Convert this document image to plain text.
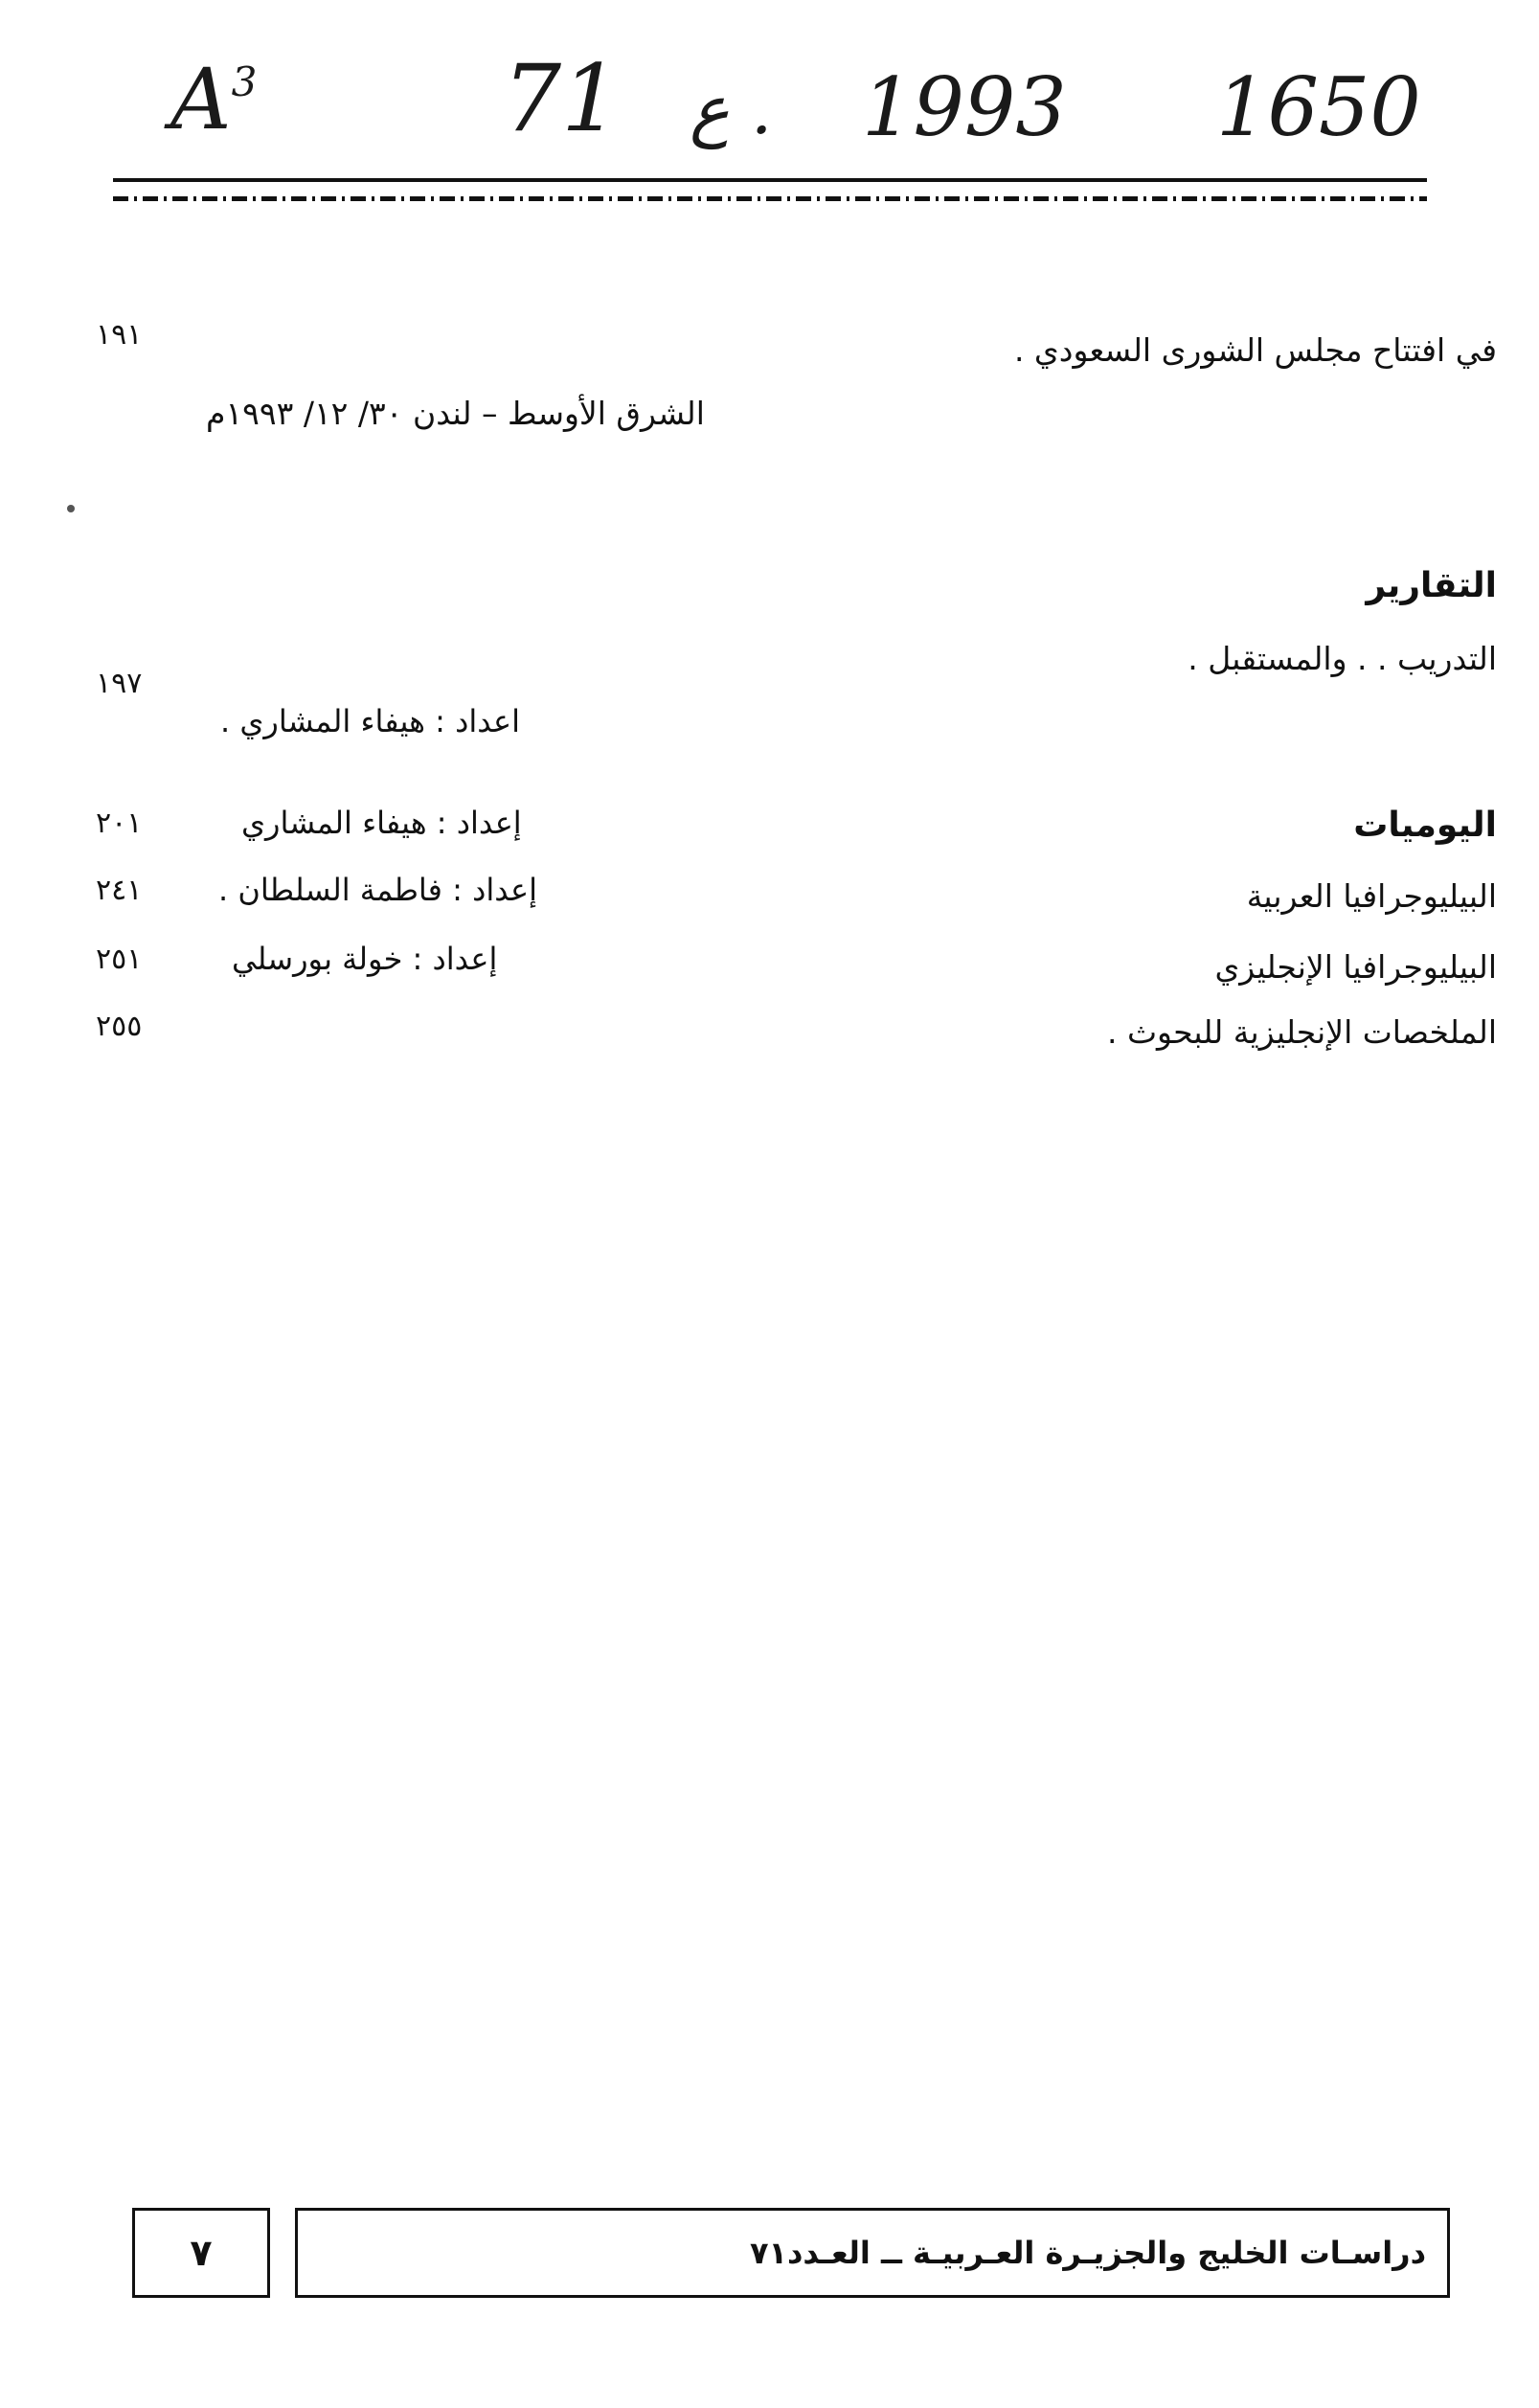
$A^3$	71 . ع 1993 1650
في افتتاح مجلس الشورى السعودي .
١٩١
الشرق الأوسط – لندن ٣٠/ ١٢/ ١٩٩٣م
التقارير
التدريب . . والمستقبل .
١٩٧
اعداد : هيفاء المشاري .
اليوميات
إعداد : هيفاء المشاري
٢٠١
البيليوجرافيا العربية
إعداد : فاطمة السلطان .
٢٤١
البيليوجرافيا الإنجليزي
إعداد : خولة بورسلي
٢٥١
الملخصات الإنجليزية للبحوث .
٢٥٥
دراسـات الخليج والجزيـرة العـربيـة ــ العـدد٧١
٧
